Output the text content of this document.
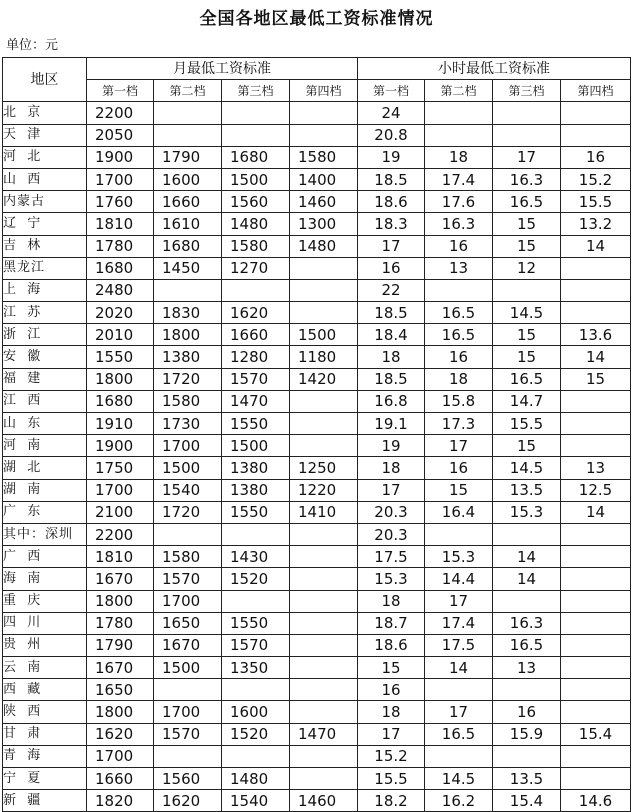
全国各地区最低工资标准情况
单位：元
地区	月最低工资标准				小时最低工资标准			
	第一档	第二档	第三档	第四档	第一档	第二档	第三档	第四档
北  京	2200				24			
天  津	2050				20.8			
河  北	1900	1790	1680	1580	19	18	17	16
山  西	1700	1600	1500	1400	18.5	17.4	16.3	15.2
内蒙古	1760	1660	1560	1460	18.6	17.6	16.5	15.5
辽  宁	1810	1610	1480	1300	18.3	16.3	15	13.2
吉  林	1780	1680	1580	1480	17	16	15	14
黑龙江	1680	1450	1270		16	13	12	
上  海	2480				22			
江  苏	2020	1830	1620		18.5	16.5	14.5	
浙  江	2010	1800	1660	1500	18.4	16.5	15	13.6
安  徽	1550	1380	1280	1180	18	16	15	14
福  建	1800	1720	1570	1420	18.5	18	16.5	15
江  西	1680	1580	1470		16.8	15.8	14.7	
山  东	1910	1730	1550		19.1	17.3	15.5	
河  南	1900	1700	1500		19	17	15	
湖  北	1750	1500	1380	1250	18	16	14.5	13
湖  南	1700	1540	1380	1220	17	15	13.5	12.5
广  东	2100	1720	1550	1410	20.3	16.4	15.3	14
其中：深圳	2200				20.3			
广  西	1810	1580	1430		17.5	15.3	14	
海  南	1670	1570	1520		15.3	14.4	14	
重  庆	1800	1700			18	17		
四  川	1780	1650	1550		18.7	17.4	16.3	
贵  州	1790	1670	1570		18.6	17.5	16.5	
云  南	1670	1500	1350		15	14	13	
西  藏	1650				16			
陕  西	1800	1700	1600		18	17	16	
甘  肃	1620	1570	1520	1470	17	16.5	15.9	15.4
青  海	1700				15.2			
宁  夏	1660	1560	1480		15.5	14.5	13.5	
新  疆	1820	1620	1540	1460	18.2	16.2	15.4	14.6
